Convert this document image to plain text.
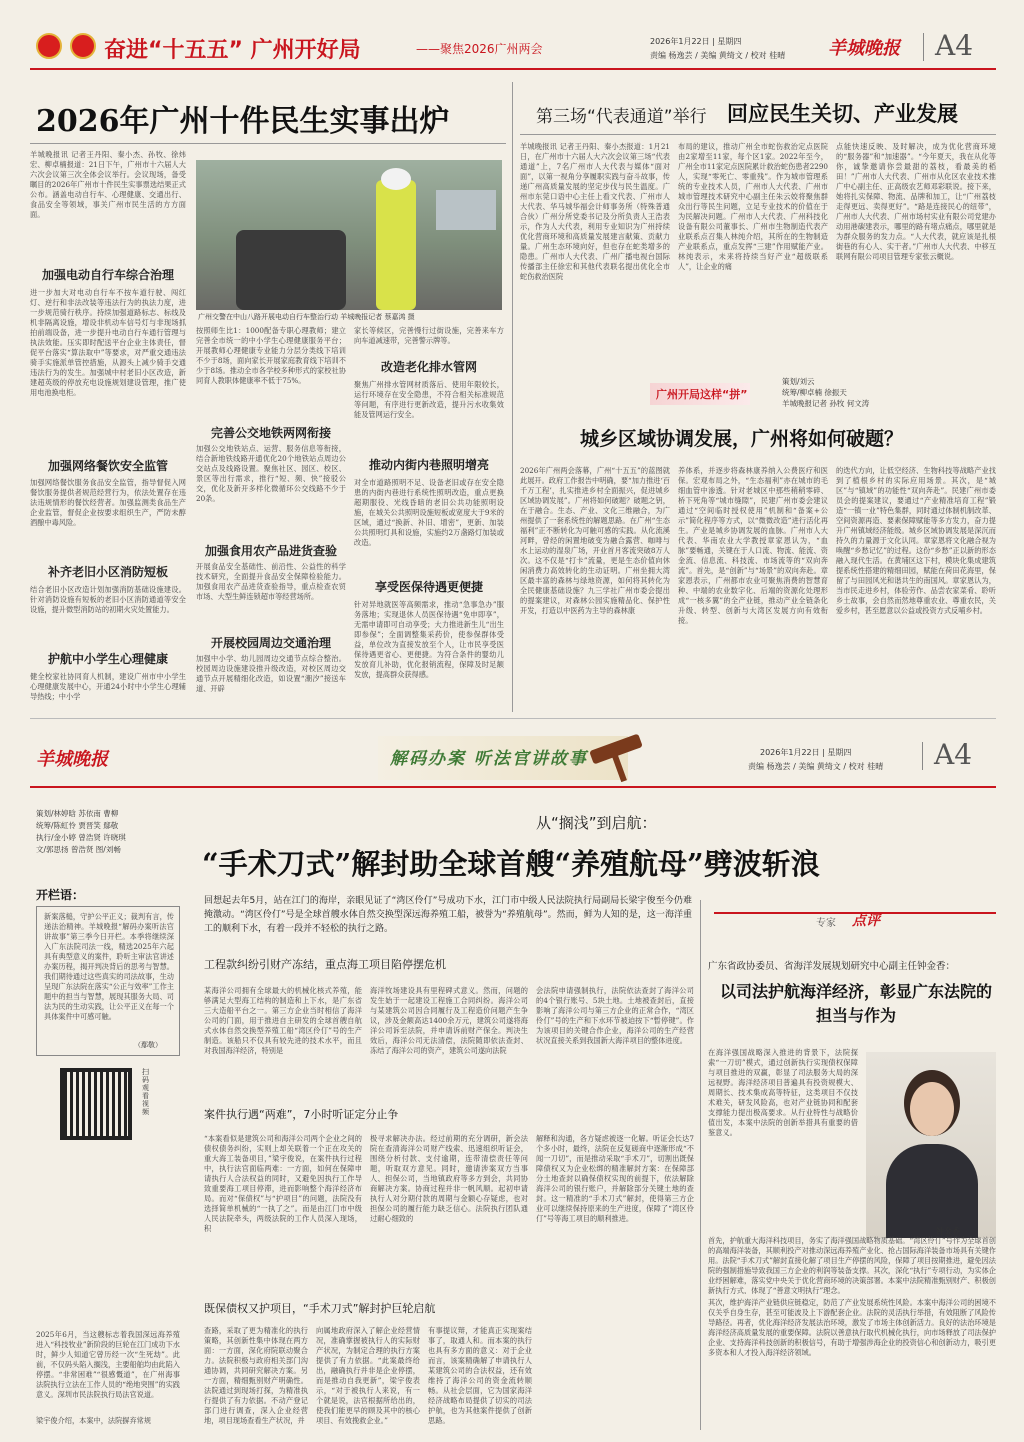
奋进“十五五” 广州开好局	——聚焦2026广州两会
2026年1月22日 | 星期四
责编 杨逸芸 / 美编 黄绮文 / 校对 桂晴 羊城晚报 A4
2026年广州十件民生实事出炉
羊城晚报讯 记者王丹阳、秦小杰、孙牧、徐炜宏、柳卓楠报道：21日下午，广州市十六届人大六次会议第三次全体会议举行。会议现场，备受瞩目的2026年广州市十件民生实事票选结果正式公布。涵盖电动自行车、心理健康、交通出行、食品安全等领域，事关广州市民生活的方方面面。
加强电动自行车综合治理
进一步加大对电动自行车不按车道行驶、闯红灯、逆行和非法改装等违法行为的执法力度，进一步规范骑行秩序。持续加强道路标志、标线及机非隔离设施，增设非机动车信号灯与非现场抓拍前端设备，进一步提升电动自行车通行管理与执法效能。压实即时配送平台企业主体责任，督促平台落实“算法取中”等要求，对严重交通违法骑手实施派单管控措施，从源头上减少骑手交通违法行为的发生。加强城中村老旧小区改造，新建超英级的停放充电设施规划建设管理，推广使用电池换电柜。
加强网络餐饮安全监管
加强网络餐饮服务食品安全监管，指导督促入网餐饮服务提供者规范经营行为，依法处置存在违法违规情形的餐饮经营者。加强监测类食品生产企业监管，督促企业按要求组织生产，严防未醇酒酿中毒风险。
补齐老旧小区消防短板
结合老旧小区改造计划加强消防基础设施建设。针对消防设施有短板的老旧小区消防通道等安全设施，提升微型消防站的初期火灾处置能力。
护航中小学生心理健康
健全校家社协同育人机制，建设广州市中小学生心理健康发展中心，开通24小时中小学生心理辅导热线；中小学
广州交警在中山八路开展电动自行车整治行动 羊城晚报记者 蔡嘉鸿 摄
按照师生比1：1000配备专职心理教师；建立完善全市统一的中小学生心理健康服务平台；开展教师心理健康专业能力分层分类线下培训不少于8场，面向家长开展家庭教育线下培训不少于8场。推动全市各学校多种形式的家校社协同育人教职体健康率不低于75%。
完善公交地铁两网衔接
加强公交地铁站点、运营、服务信息等衔接，结合新地铁线路开通优化20个地铁站点周边公交站点及线路设置。聚焦社区、园区、校区、景区等出行需求，推行“短、频、快”接驳公交，优化及新开多样化微循环公交线路不少于20条。
加强食用农产品进货查验
开展食品安全基础性、前沿性、公益性的科学技术研究，全面提升食品安全保障检验能力。加强食用农产品进货查验指导，重点检查农贸市场、大型生鲜连锁超市等经营场所。
开展校园周边交通治理
加强中小学、幼儿园周边交通节点综合整治。校园周边设施建设推升级改造，对校区周边交通节点开展精细化改造，如设置“潮汐”接送车道、开辟
家长等候区，完善慢行过街设施，完善来车方向车道减速带，完善警示牌等。
改造老化排水管网
聚焦广州排水管网材质落后、使用年限较长，运行环境存在安全隐患，不符合相关标准规范等问题，有序进行更新改造，提升污水收集效能及管网运行安全。
推动内街内巷照明增亮
对全市道路照明不足、设备老旧或存在安全隐患的内街内巷进行系统性照明改造，重点更换超期服役、光线昏暗的老旧公共功能照明设施，在城关公共照明设施短板或宽度大于9米的区域，通过“换新、补旧、增密”，更新、加装公共照明灯具和设施，实施约2万盏路灯加装或改造。
享受医保待遇更便捷
针对异地就医等高频需求，推动“急事急办”服务落地；实现退休人员医保待遇“免申即享”，无需申请即可自动享受；大力推进新生儿“出生即参保”；全面调整集采药价，使参保群体受益，单位改为直接发放至个人，让市民享受医保待遇更省心、更便捷。为符合条件的婴幼儿发放育儿补助，优化报销流程，保障及时足额发放，提高群众获得感。
第三场“代表通道”举行 回应民生关切、产业发展
羊城晚报讯 记者王丹阳、秦小杰报道：1月21日，在广州市十六届人大六次会议第三场“代表通道”上，7名广州市人大代表与媒体“面对面”，以第一视角分享履职实践与奋斗故事，传递广州高质量发展的坚定步伐与民生温度。广州市东莞口语中心主任上看文代表、广州市人大代表、华马城华福会计师事务所（特殊普通合伙）广州分所党委书记及分所负责人王浩表示，作为人大代表，利用专业知识为广州持续优化营商环境和高质量发展建言献策、贡献力量。广州生态环境向好，但也存在蛇类增多的隐患。广州市人大代表、广州广播电视台国际传播部主任徐宏和其他代表联名提出优化全市蛇伤救治医院
布局的建议，推动广州全市蛇伤救治定点医院由2家增至11家，每个区1家。2022年至今，广州全市11家定点医院累计救治蛇伤患者2290人，实现“零死亡、零重残”。作为城市管理系统的专业技术人员，广州市人大代表、广州市城市管理技术研究中心副主任朱云姣将聚焦群众出行等民生问题，立足专业技术的价值在于为民解决问题。广州市人大代表、广州科技化设备有限公司董事长、广州市生物制造代表产业联系点召集人林纯介绍，其所在的生物制造产业联系点，重点发挥“三建”作用赋能产业。林纯表示，未来将持续当好产业“超级联系人”，让企业的痛
点能快速反映、及时解决，成为优化营商环境的“服务器”和“加速器”。“今年夏天，我在从化等你，诚挚邀请你尝最甜的荔枝，看最美的稻田！”广州市人大代表、广州市从化区农业技术推广中心副主任、正高级农艺师邓彩联说。接下来，她将扎实保障、物流、品牌和加工，让“广州荔枝走得更远、卖得更好”。“路是连接民心的纽带”，广州市人大代表、广州市场村实业有限公司党建办动用港碳建表示，哪里的路有堵点痛点，哪里就是为群众服务的发力点。“人大代表，就应该是扎根街巷的有心人、实干者。”广州市人大代表、中移互联网有限公司项目管理专家张云概说。
广州开局这样“拼”
策划/刘云
统筹/柳卓楠 徐振天
羊城晚报记者 孙牧 何文涛
城乡区域协调发展，广州将如何破题？
2026年广州两会落幕，广州“十五五”的蓝图就此展开。政府工作报告中明确，要“加力推进‘百千万工程’，扎实推进乡村全面振兴，促进城乡区域协调发展”。广州将如何破题？破题之钥，在于融合。生态、产业、文化三维融合，为广州提供了一套系统性的解题思路。在广州“生态福利”正不断转化为可触可感的实践。从化流溪河畔，曾经的闲置地破变为融合露营、咖啡与水上运动的湿泉广场，开业首月客流突破8万人次。这不仅是“打卡”流量，更是生态价值向休闲消费力高效转化的生动证明。广州坐拥大湾区最丰富的森林与绿地资源，如何将其转化为全民健康基础设施？九三学社广州市委会提出的提案建议，对森林公园实施精品化、保护性开发，打造以中医药为主导的森林康
养体系，并逐步将森林康养纳入公费医疗和医保。宏观布局之外，“生态福利”亦在城市的毛细血管中渗透。针对老城区中那些稍稍零碎、桥下死角等“城市缝隙”，民建广州市委会建议通过“空间临时授权使用”机制和“备案+公示”简化程序等方式，以“微微改造”进行活化再生。产业是城乡协调发展的血脉。广州市人大代表、华南农业大学教授章家恩认为，“血脉”要畅通，关键在于人口流、物流、能流、资金流、信息流、科技流、市场流等的“双向奔流”。首先，是“创新”与“场景”的双向奔赴。章家恩表示，广州都市农业可聚焦消费的智慧育种、中端的农业数字化、后端的资源化处理形成“一核多翼”的全产业链，推动产业全链条化升级、转型、创新与大湾区发展方向有效衔接。
的迭代方向，让低空经济、生物科技等战略产业找到了植根乡村的实际应用场景。其次，是“城区”与“镇域”的功能性“双向奔赴”。民建广州市委员会的提案建议，要通过“产业精准培育工程”锻造“一镇一业”特色集群，同时通过体制机制改革、空间资源再造、要素保障赋能等多方发力，奋力提升广州镇域经济能级。城乡区域协调发展是深沉而持久的力量源于文化认同。章家恩将文化融合视为唤醒“乡愁记忆”的过程。这份“乡愁”正以新的形态融入现代生活。在黄埔区这下村，模块化集成建筑提系统性搭建的精细田园，赋能在荷田花海里，保留了与田园风光和谐共生的南国风。章家恩认为，当市民走进乡村，体验劳作、品尝农家菜肴、聆听乡土故事，会自然而然地尊重农业、尊重农民，关爱乡村，甚至愿意以公益或投资方式反哺乡村。
羊城晚报	解码办案 听法官讲故事	2026年1月22日 | 星期四
责编 杨逸芸 / 美编 黄绮文 / 校对 桂晴 A4
策划/林婷晗 苏依南 曹柳
统筹/陈虹怜 贾晋笑 鄢敬
执行/金小婷 曾浩贤 许晓琪
文/郭思扬 曾浩贤 图/刘畅
从“搁浅”到启航：
“手术刀式”解封助全球首艘“养殖航母”劈波斩浪
开栏语：
新案落槌，守护公平正义；裁判有言，传递法治精神。羊城晚报“解码办案听法官讲故事”第三季今日开栏。本季将继续深入广东法院司法一线，精选2025年六起具有典型意义的案件，聆听主审法官讲述办案历程，揭开判决背后的思考与智慧。我们期待通过这些真实的司法故事，生动呈现广东法院在落实“公正与效率”工作主题中的担当与智慧，展现其服务大局、司法为民的生动实践，让公平正义在每一个具体案件中可感可触。
（鄢敬）
扫码观看视频
2025年6月，当这艘标志着我国深远海养殖进入“科技牧业”新阶段的巨轮在江门成功下水时，鲜少人知道它曾历经一次“生死劫”。此前，不仅码头陷入搁浅，主要船舶均由此陷入停摆。“非常困难”“很感慨道”，在广州海事法院执行立法在工作人员的“绝地突围”的实践意义。深圳市民法院执行局法官说道。
回想起去年5月，站在江门的海岸，亲眼见证了“湾区伶仃”号成功下水，江门市中级人民法院执行局副局长梁宇俊至今仍难掩激动。“湾区伶仃”号是全球首艘水体自然交换型深远海养殖工船，被誉为“养殖航母”。然而，鲜为人知的是，这一海洋重工的顺利下水，有着一段并不轻松的执行之路。
工程款纠纷引财产冻结，重点海工项目陷停摆危机
某海洋公司拥有全球最大的机械化核式养殖，能够满足大型海工结构的制造和上下水，是广东省三大造船平台之一。第三方企业当时相信了海洋公司的门面，用于推进自主研发的全球首艘自航式水体自然交换型养殖工船“湾区伶仃”号的生产制造。该船只不仅具有较先进的技术水平，而且对我国海洋经济，特别是
海洋牧场建设具有里程碑式意义。然而，问题的发生始于一起建设工程施工合同纠纷。海洋公司与某建筑公司因合同履行及工程造价问题产生争议，涉及金额高达1400余万元，建筑公司遂将海洋公司诉至法院，并申请诉前财产保全。判决生效后，海洋公司无法清偿，法院随即依法查封、冻结了海洋公司的资产，建筑公司遂向法院
会法院申请强制执行，法院依法查封了海洋公司的4个银行账号、5块土地。土地被查封后，直接影响了海洋公司与第三方企业的正常合作，“湾区伶仃”号的生产和下水环节被迫按下“暂停键”。作为该项目的关键合作企业，海洋公司的生产经营状况直接关系到我国新大海洋项目的整体进度。
案件执行遇“两难”，7小时听证定分止争
“本案看似是建筑公司和海洋公司两个企业之间的债权债务纠纷，实则上却关联着一个正在攻关的重大海工装备项目，”梁宇俊说，在案件执行过程中，执行法官面临两难：一方面，如何在保障申请执行人合法权益的同时，又避免因执行工作导致重要海工项目停滞，进而影响整个海洋经济布局。而对“保债权”与“护项目”的问题，法院没有选择简单机械的“一执了之”。而是由江门市中级人民法院牵头，两级法院的工作人员深入现场，积
极寻求解决办法。经过前期的充分调研，新会法院在查清海洋公司财产线索、迅速组织听证会，围绕分析付款、支付逾期，连带清偿责任等问题，听取双方意见。同时，邀请涉案双方当事人、担保公司，当地镇政府等多方到会，共同协商解决方案。协商过程并非一帆风顺。起初申请执行人对分期付款的周期与金额心存疑虑，也对担保公司的履行能力缺乏信心。法院执行团队通过耐心细致的
解释和沟通，各方疑虑被逐一化解。听证会长达7个多小时，最终，法院在反复磋商中逐渐形成“不闻一刀切”，而是推动采取“手术刀”，切割出既保障债权又为企业松绑的精准解封方案：在保障部分土地查封以确保债权实现的前提下，依法解除海洋公司的银行账户，并解除部分关键土地的查封。这一精准的“手术刀式”解封，使得第三方企业可以继续保持原来的生产进度，保障了“湾区伶仃”号等海工项目的顺利推进。
既保债权又护项目，“手术刀式”解封护巨轮启航
梁宇俊介绍，本案中，法院摒弃常规
查路，采取了更为精准化的执行策略，其创新性集中体现在两方面：一方面，深化府院联动聚合力。法院积极与政府相关部门沟通协调，共同研究解决方案。另一方面，精细甄别财产明确性。法院通过到现场打探，为精准执行提供了有力依据。不动产登记部门进行调查，深入企业经营地，项目现场查看生产状况，并
向属地政府深入了解企业经营情况，准确掌握被执行人的实际财产状况，为制定合理的执行方案提供了有力依据。“此案最终给出，融确执行并非是企业停摆，而是推动自我更新”，梁宇俊表示，“对于被执行人来说，有一个就是说，法官根据所给出的，使我们能更早的顾及其中的核心项目、有效挽救企业。”
有事提议辩，才能真正实现案结事了，取通人和。而本案的执行也具有多方面的意义：对于企业而言，该案精确解了申请执行人某建筑公司的合法权益，还有效维持了海洋公司的资金流转顺畅。从社会层面，它为国家海洋经济战略布局提供了切实的司法护航，也为其他案件提供了创新思路。
专家 点评
广东省政协委员、省海洋发展规划研究中心副主任钟金香：
以司法护航海洋经济，彰显广东法院的担当与作为
在海洋强国战略深入推进的背景下，法院探索“一刀切”模式，通过创新执行实现债权保障与项目推进的双赢，彰显了司法服务大局的深远视野。海洋经济项目普遍具有投资规模大、周期长、技术集成高等特征，这类项目不仅技术难关，研发风险高，也对产业链协同和配套支撑能力提出极高要求。从行业特性与战略价值出发，本案中法院的创新举措具有重要的借鉴意义。
钟金香
首先，护航重大海洋科技项目，务实了海洋强国战略物质基础。“湾区伶仃”号作为全球首创的高端海洋装备，其顺利投产对推动深远海养殖产业化、抢占国际海洋装备市场具有关键作用。法院“手术刀式”解封直接化解了项目生产停摆的风险，保障了项目按期推进，避免因法院的强制措施导致我国三方企业的利润等装备支撑。其次，深化“执行”专项行动，为实体企业纾困解难，落实党中央关于优化营商环境的决策部署。本案中法院精准甄别财产、积极创新执行方式，体现了“善意文明执行”理念。
其次，维护海洋产业链供应链稳定，防范了产业发展系统性风险。本案中海洋公司的困境不仅关乎自身生存，甚至可能波及上下游配套企业。法院的灵活执行举措，有效阻断了风险传导路径。再者，优化海洋经济发展法治环境，激发了市场主体创新活力。良好的法治环境是海洋经济高质量发展的重要保障。法院以善意执行取代机械化执行，向市场释放了司法保护企业、支持海洋科技创新的积极信号，有助于增强涉海企业的投资信心和创新动力，吸引更多资本和人才投入海洋经济领域。
